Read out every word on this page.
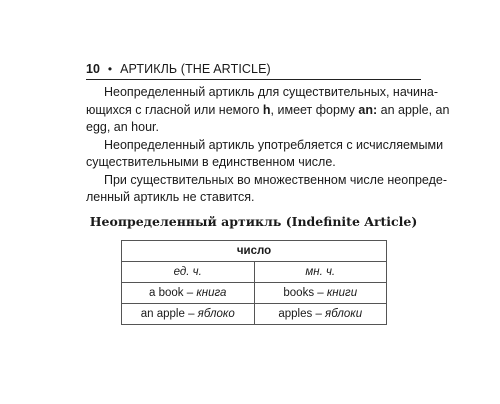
10 • АРТИКЛЬ (THE ARTICLE)
Неопределенный артикль для существительных, начина-
ющихся с гласной или немого h, имеет форму an: an apple, an
egg, an hour.
Неопределенный артикль употребляется с исчисляемыми
существительными в единственном числе.
При существительных во множественном числе неопреде-
ленный артикль не ставится.
Неопределенный артикль (Indefinite Article)
число	
ед. ч.	мн. ч.
a book – книга	books – книги
an apple – яблоко	apples – яблоки
